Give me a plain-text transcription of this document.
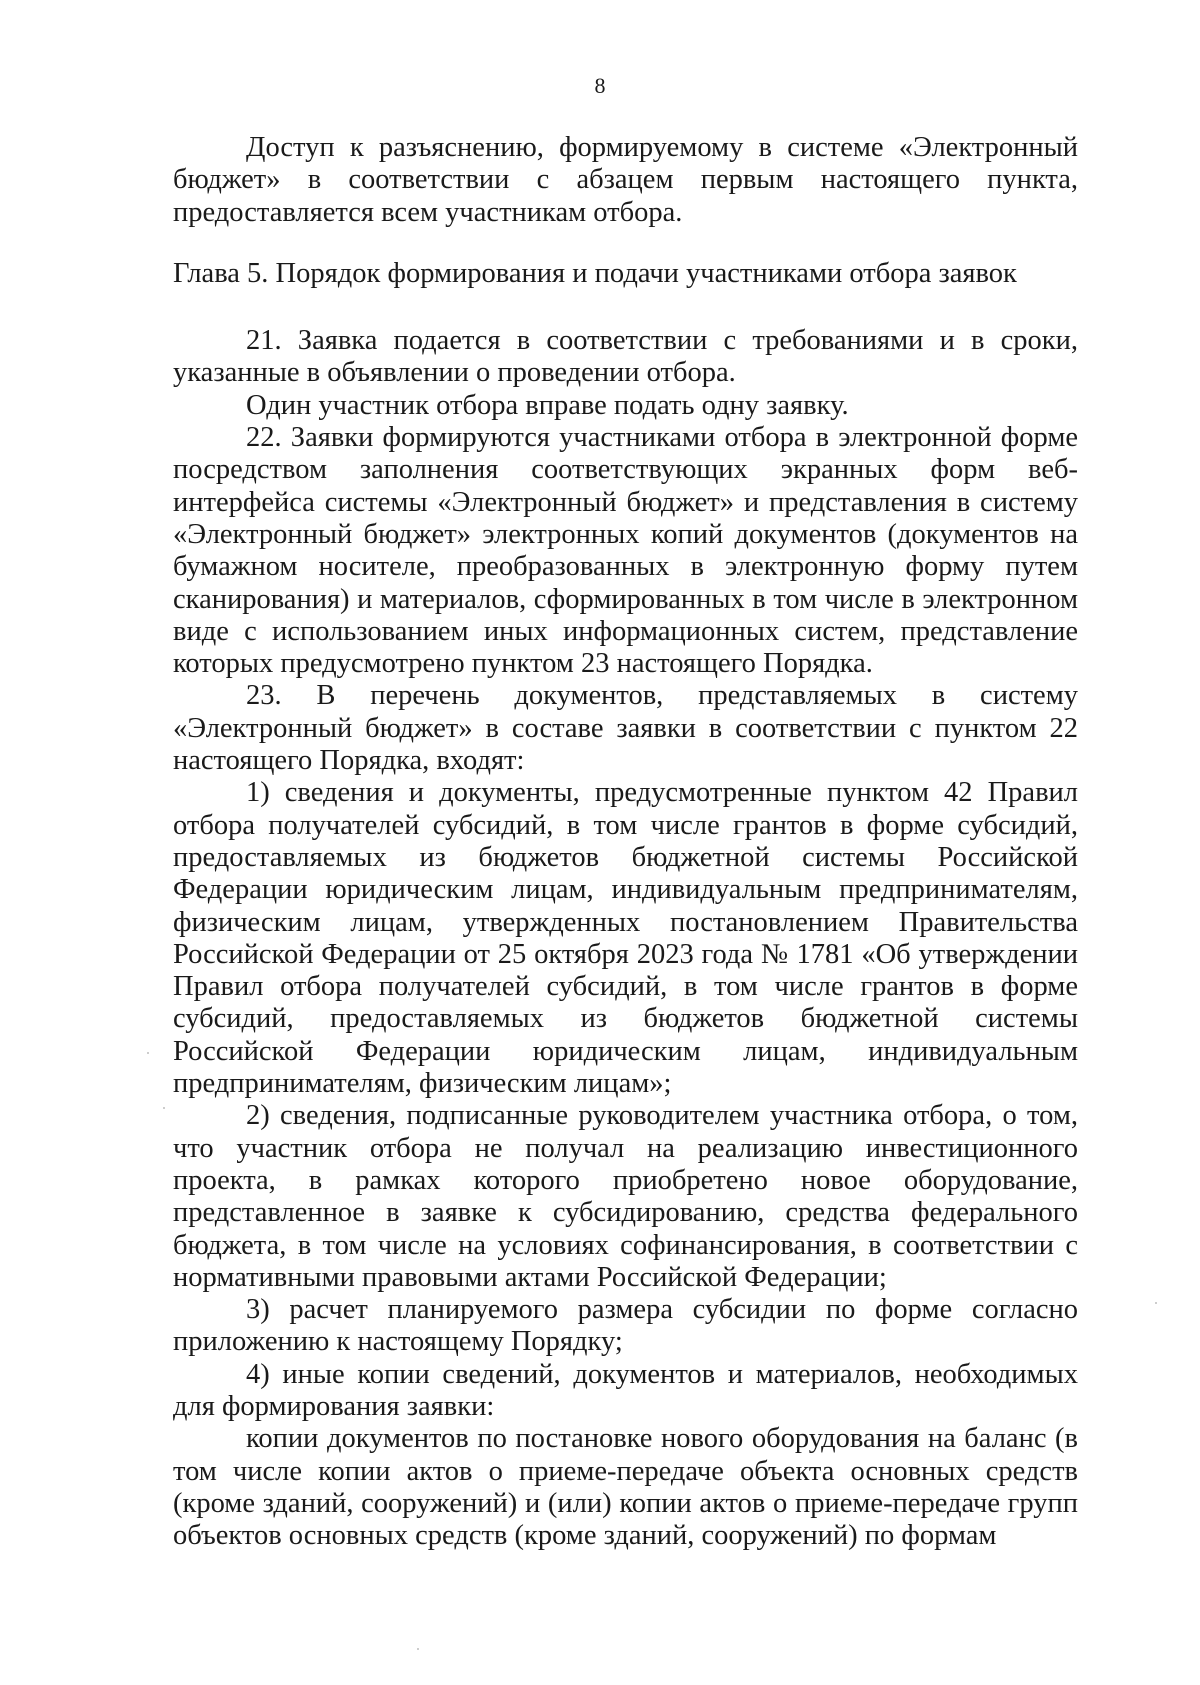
8

Доступ к разъяснению, формируемому в системе «Электронный бюджет» в соответствии с абзацем первым настоящего пункта, предоставляется всем участникам отбора.

Глава 5. Порядок формирования и подачи участниками отбора заявок

21. Заявка подается в соответствии с требованиями и в сроки, указанные в объявлении о проведении отбора.

Один участник отбора вправе подать одну заявку.

22. Заявки формируются участниками отбора в электронной форме посредством заполнения соответствующих экранных форм веб-интерфейса системы «Электронный бюджет» и представления в систему «Электронный бюджет» электронных копий документов (документов на бумажном носителе, преобразованных в электронную форму путем сканирования) и материалов, сформированных в том числе в электронном виде с использованием иных информационных систем, представление которых предусмотрено пунктом 23 настоящего Порядка.

23. В перечень документов, представляемых в систему «Электронный бюджет» в составе заявки в соответствии с пунктом 22 настоящего Порядка, входят:

1) сведения и документы, предусмотренные пунктом 42 Правил отбора получателей субсидий, в том числе грантов в форме субсидий, предоставляемых из бюджетов бюджетной системы Российской Федерации юридическим лицам, индивидуальным предпринимателям, физическим лицам, утвержденных постановлением Правительства Российской Федерации от 25 октября 2023 года № 1781 «Об утверждении Правил отбора получателей субсидий, в том числе грантов в форме субсидий, предоставляемых из бюджетов бюджетной системы Российской Федерации юридическим лицам, индивидуальным предпринимателям, физическим лицам»;

2) сведения, подписанные руководителем участника отбора, о том, что участник отбора не получал на реализацию инвестиционного проекта, в рамках которого приобретено новое оборудование, представленное в заявке к субсидированию, средства федерального бюджета, в том числе на условиях софинансирования, в соответствии с нормативными правовыми актами Российской Федерации;

3) расчет планируемого размера субсидии по форме согласно приложению к настоящему Порядку;

4) иные копии сведений, документов и материалов, необходимых для формирования заявки:

копии документов по постановке нового оборудования на баланс (в том числе копии актов о приеме-передаче объекта основных средств (кроме зданий, сооружений) и (или) копии актов о приеме-передаче групп объектов основных средств (кроме зданий, сооружений) по формам
